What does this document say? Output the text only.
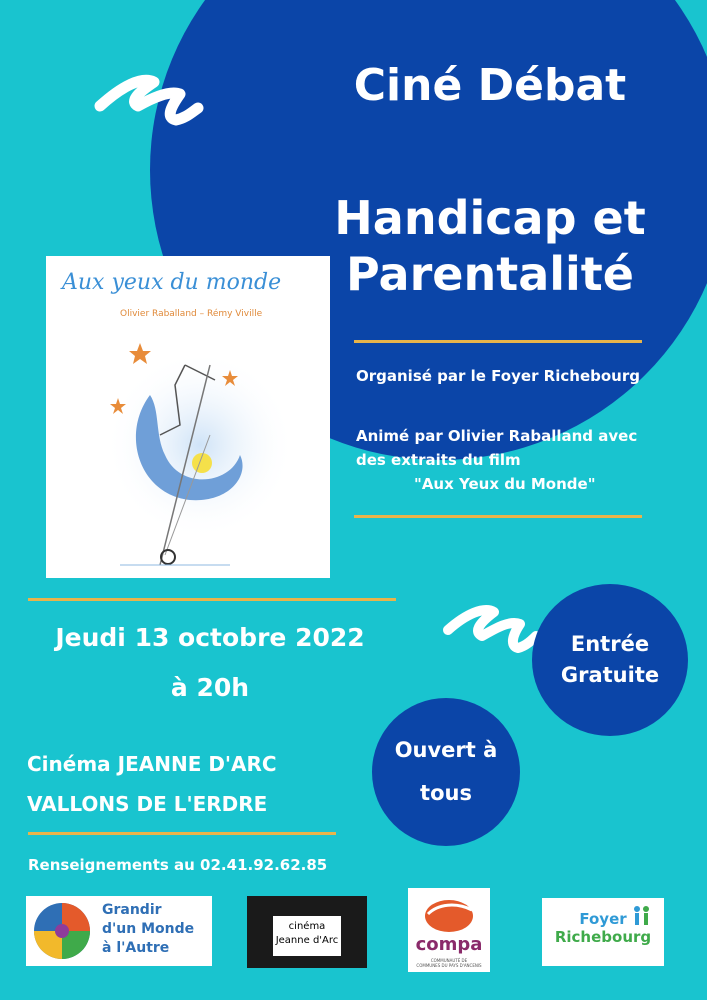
Ciné Débat
Handicap et
Parentalité
Organisé par le Foyer Richebourg
Animé par Olivier Raballand avec
des extraits du film
"Aux Yeux du Monde"
Aux yeux du monde
Olivier Raballand – Rémy Viville
Jeudi 13 octobre 2022
à 20h
Entrée
Gratuite
Ouvert à
tous
Cinéma JEANNE D'ARC
VALLONS DE L'ERDRE
Renseignements au 02.41.92.62.85
Grandir
d'un Monde
à l'Autre
cinéma
Jeanne d'Arc	compa
COMMUNAUTÉ DE
COMMUNES DU PAYS D'ANCENIS
Foyer
Richebourg
